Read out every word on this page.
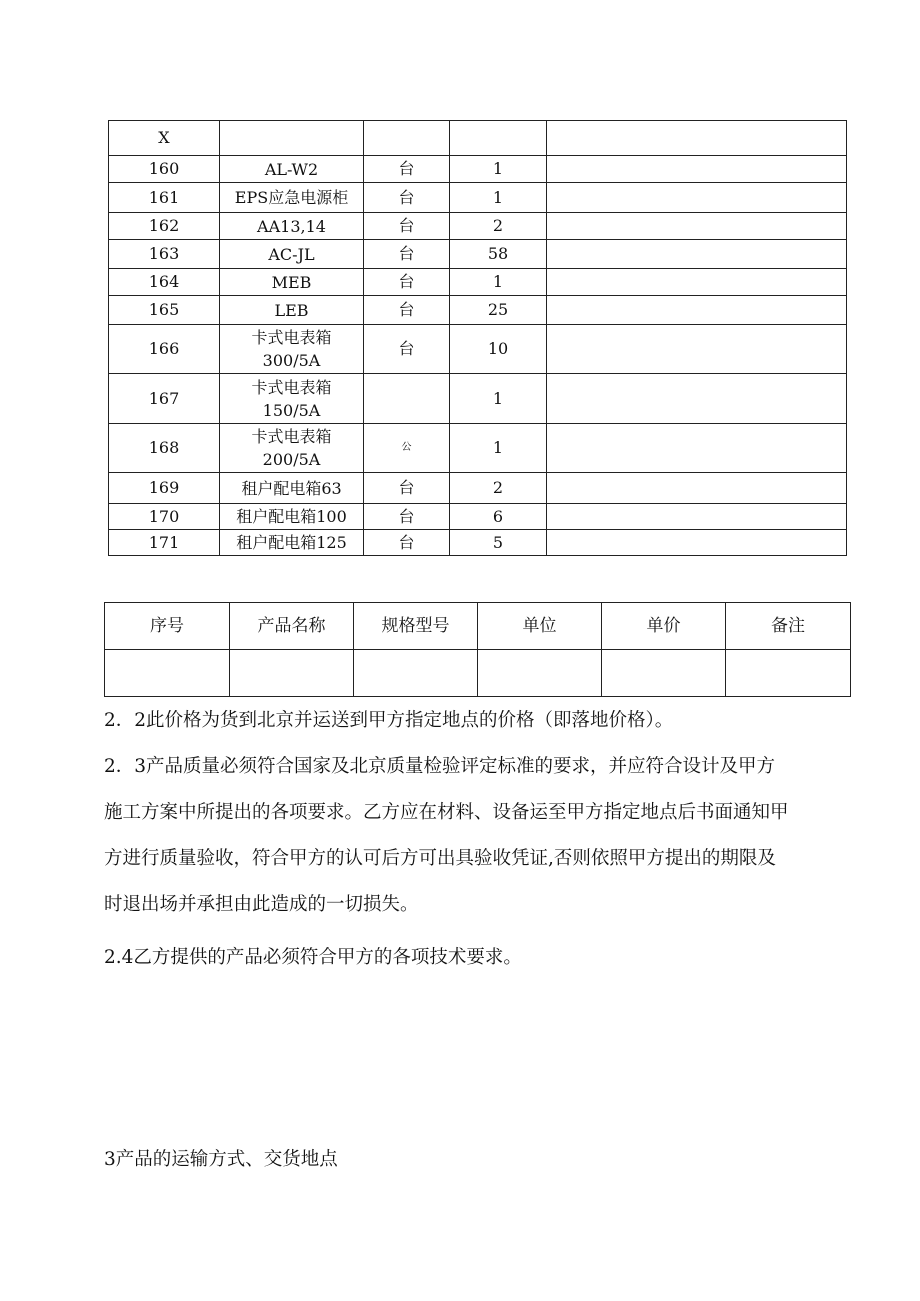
X				
160	AL-W2	台	1	
161	EPS应急电源柜	台	1	
162	AA13,14	台	2	
163	AC-JL	台	58	
164	MEB	台	1	
165	LEB	台	25	
166	卡式电表箱
300/5A	台	10	
167	卡式电表箱
150/5A		1	
168	卡式电表箱
200/5A	公	1	
169	租户配电箱63	台	2	
170	租户配电箱100	台	6	
171	租户配电箱125	台	5	
序号	产品名称	规格型号	单位	单价	备注

2．2此价格为货到北京并运送到甲方指定地点的价格（即落地价格）。

2．3产品质量必须符合国家及北京质量检验评定标准的要求，并应符合设计及甲方

施工方案中所提出的各项要求。乙方应在材料、设备运至甲方指定地点后书面通知甲

方进行质量验收，符合甲方的认可后方可出具验收凭证,否则依照甲方提出的期限及

时退出场并承担由此造成的一切损失。

2.4乙方提供的产品必须符合甲方的各项技术要求。

3产品的运输方式、交货地点
